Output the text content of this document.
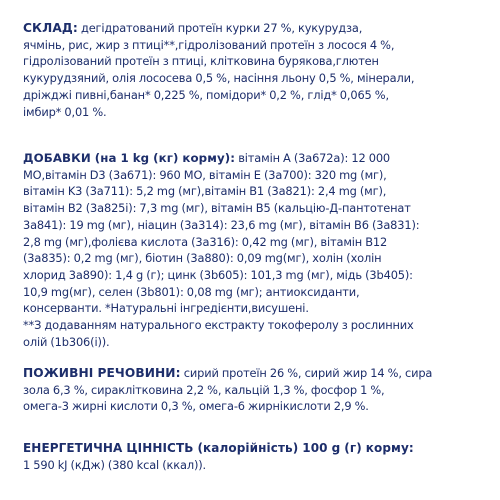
СКЛАД: дегідратований протеїн курки 27 %, кукурудза,
ячмінь, рис, жир з птиці**,гідролізований протеїн з лосося 4 %,
гідролізований протеїн з птиці, клітковина бурякова,глютен
кукурудзяний, олія лососева 0,5 %, насіння льону 0,5 %, мінерали,
дріжджі пивні,банан* 0,225 %, помідори* 0,2 %, глід* 0,065 %,
імбир* 0,01 %.
ДОБАВКИ (на 1 kg (кг) корму): вітамін A (3a672a): 12 000
МО,вітамін D3 (3a671): 960 МО, вітамін Е (3a700): 320 mg (мг),
вітамін K3 (3a711): 5,2 mg (мг),вітамін B1 (3a821): 2,4 mg (мг),
вітамін B2 (3a825i): 7,3 mg (мг), вітамін B5 (кальцію-Д-пантотенат
3a841): 19 mg (мг), ніацин (3a314): 23,6 mg (мг), вітамін B6 (3a831):
2,8 mg (мг),фолієва кислота (3a316): 0,42 mg (мг), вітамін B12
(3a835): 0,2 mg (мг), біотин (3a880): 0,09 mg(мг), холін (холін
хлорид 3a890): 1,4 g (г); цинк (3b605): 101,3 mg (мг), мідь (3b405):
10,9 mg(мг), селен (3b801): 0,08 mg (мг); антиоксиданти,
консерванти. *Натуральні інгредієнти,висушені.
**З додаванням натурального екстракту токоферолу з рослинних
олій (1b306(i)).
ПОЖИВНІ РЕЧОВИНИ: сирий протеїн 26 %, сирий жир 14 %, сира
зола 6,3 %, сираклітковина 2,2 %, кальцій 1,3 %, фосфор 1 %,
омега-3 жирні кислоти 0,3 %, омега-6 жирнікислоти 2,9 %.
ЕНЕРГЕТИЧНА ЦІННІСТЬ (калорійність) 100 g (г) корму:
1 590 kJ (кДж) (380 kcal (ккал)).
